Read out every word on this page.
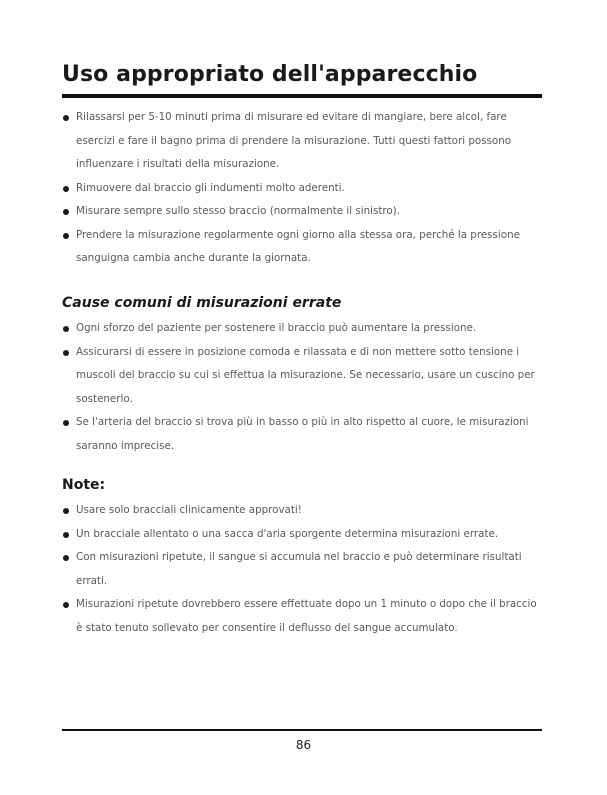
Uso appropriato dell'apparecchio
Rilassarsi per 5-10 minuti prima di misurare ed evitare di mangiare, bere alcol, fare esercizi e fare il bagno prima di prendere la misurazione. Tutti questi fattori possono influenzare i risultati della misurazione.
Rimuovere dal braccio gli indumenti molto aderenti.
Misurare sempre sullo stesso braccio (normalmente il sinistro).
Prendere la misurazione regolarmente ogni giorno alla stessa ora, perché la pressione sanguigna cambia anche durante la giornata.
Cause comuni di misurazioni errate
Ogni sforzo del paziente per sostenere il braccio può aumentare la pressione.
Assicurarsi di essere in posizione comoda e rilassata e di non mettere sotto tensione i muscoli del braccio su cui si effettua la misurazione. Se necessario, usare un cuscino per sostenerlo.
Se l'arteria del braccio si trova più in basso o più in alto rispetto al cuore, le misurazioni saranno imprecise.
Note:
Usare solo bracciali clinicamente approvati!
Un bracciale allentato o una sacca d'aria sporgente determina misurazioni errate.
Con misurazioni ripetute, il sangue si accumula nel braccio e può determinare risultati errati.
Misurazioni ripetute dovrebbero essere effettuate dopo un 1 minuto o dopo che il braccio è stato tenuto sollevato per consentire il deflusso del sangue accumulato.
86
